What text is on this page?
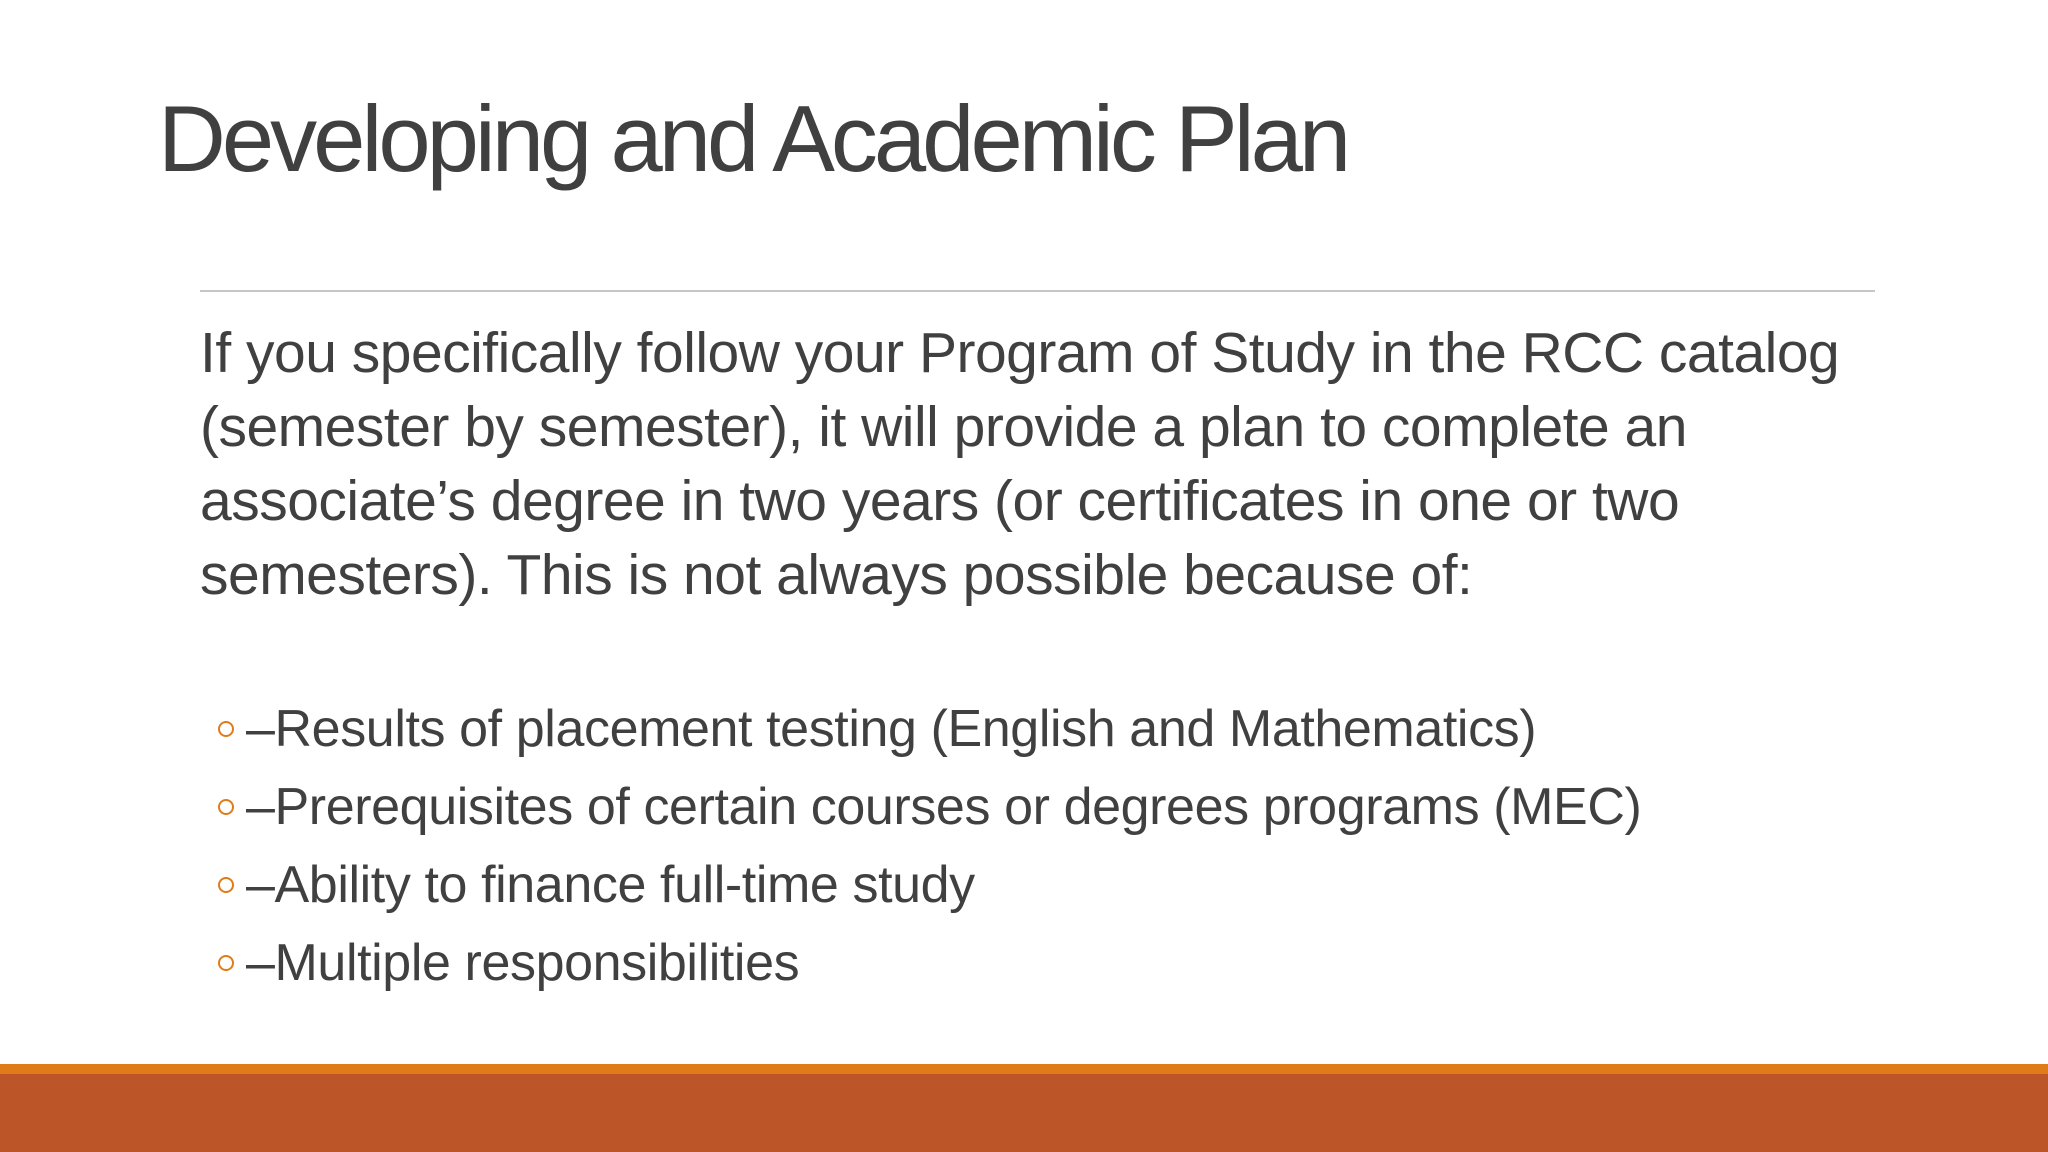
Developing and Academic Plan

If you specifically follow your Program of Study in the RCC catalog (semester by semester), it will provide a plan to complete an associate’s degree in two years (or certificates in one or two semesters). This is not always possible because of:

–Results of placement testing (English and Mathematics)
–Prerequisites of certain courses or degrees programs (MEC)
–Ability to finance full-time study
–Multiple responsibilities
